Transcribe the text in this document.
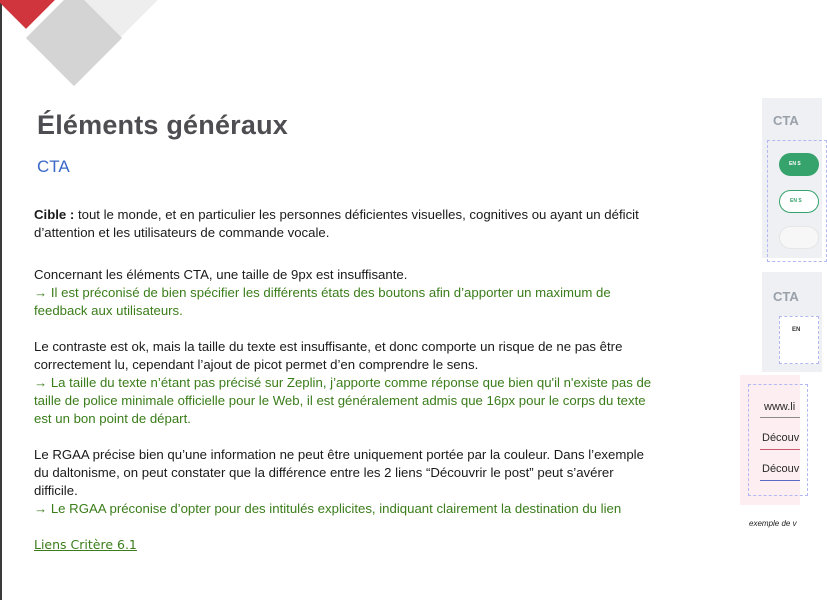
Éléments généraux
CTA

Cible : tout le monde, et en particulier les personnes déficientes visuelles, cognitives ou ayant un déficit d’attention et les utilisateurs de commande vocale.

Concernant les éléments CTA, une taille de 9px est insuffisante.

→ Il est préconisé de bien spécifier les différents états des boutons afin d’apporter un maximum de feedback aux utilisateurs.

Le contraste est ok, mais la taille du texte est insuffisante, et donc comporte un risque de ne pas être correctement lu, cependant l’ajout de picot permet d’en comprendre le sens.

→ La taille du texte n’étant pas précisé sur Zeplin, j’apporte comme réponse que bien qu'il n'existe pas de taille de police minimale officielle pour le Web, il est généralement admis que 16px pour le corps du texte est un bon point de départ.

Le RGAA précise bien qu’une information ne peut être uniquement portée par la couleur. Dans l’exemple du daltonisme, on peut constater que la différence entre les 2 liens “Découvrir le post” peut s’avérer difficile.

→ Le RGAA préconise d’opter pour des intitulés explicites, indiquant clairement la destination du lien

Liens Critère 6.1

CTA
EN S
EN S
CTA
EN
www.li
Découv
Découv
exemple de v
